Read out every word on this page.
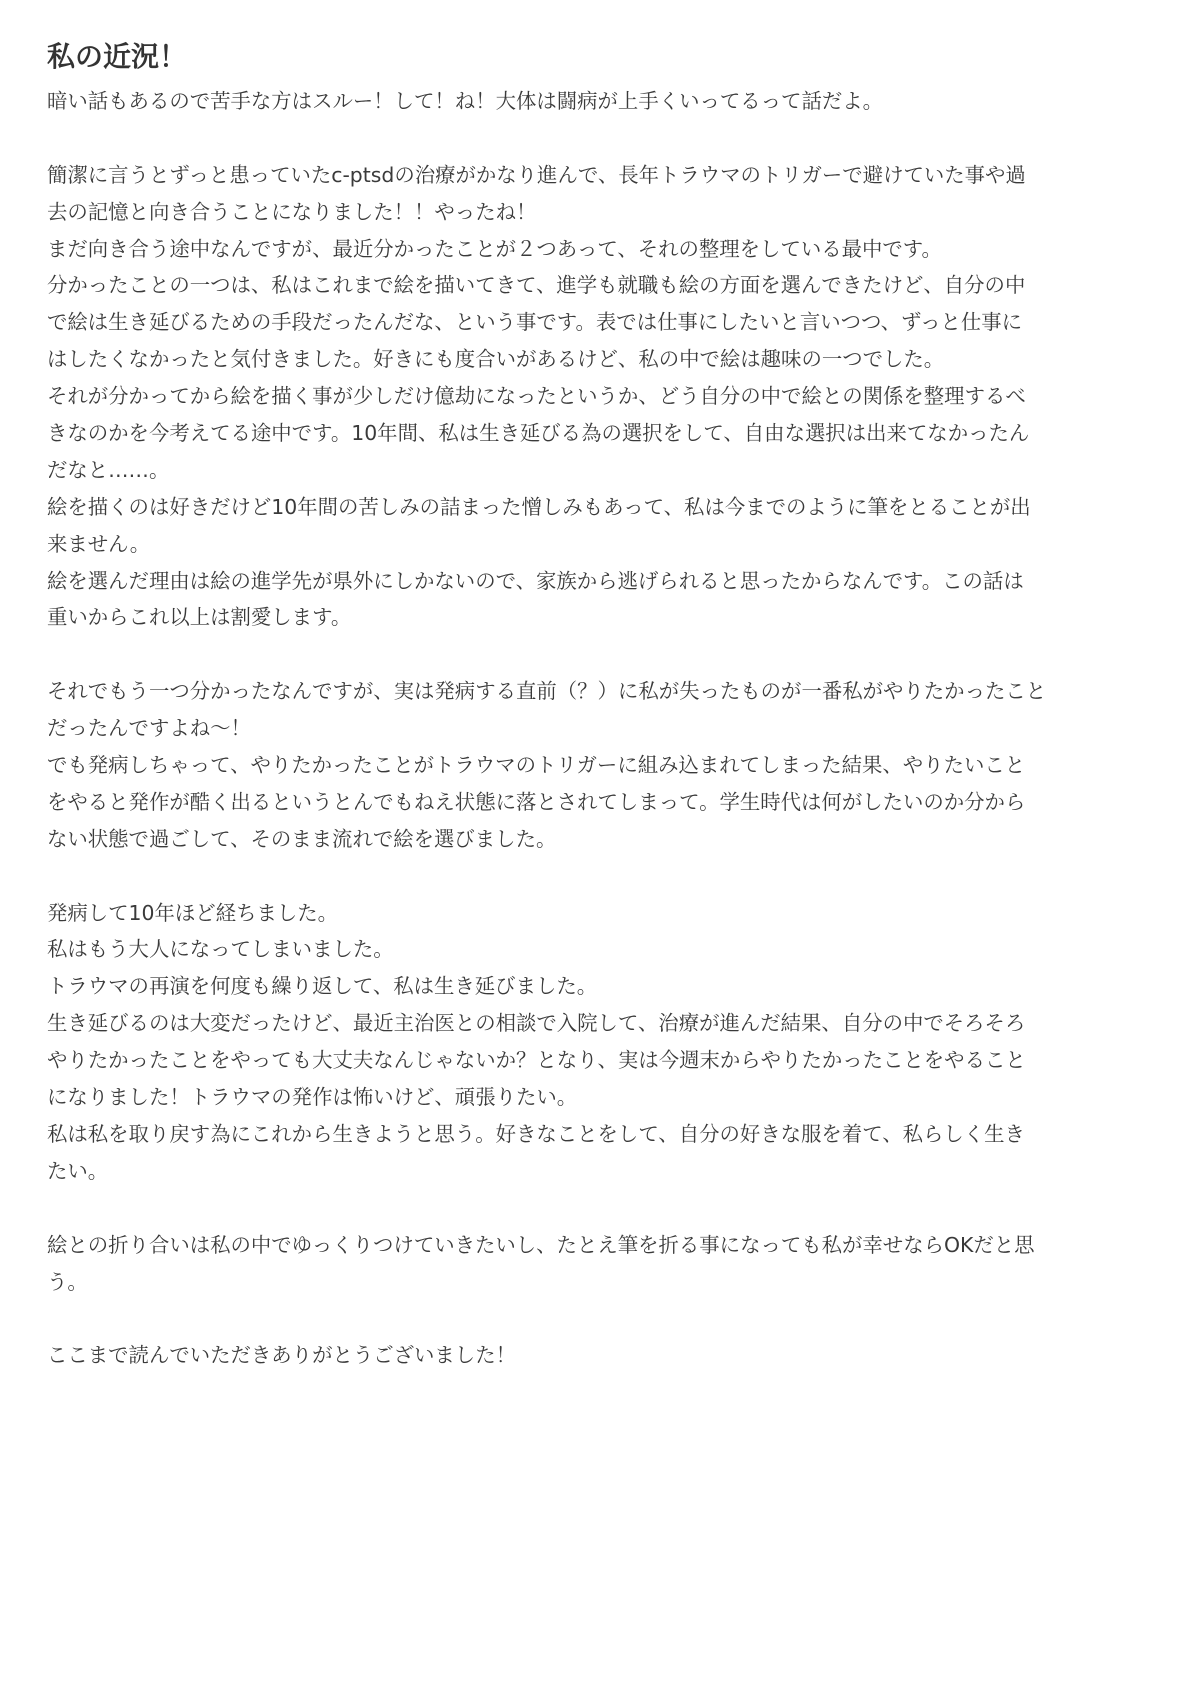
私の近況！
暗い話もあるので苦手な方はスルー！して！ね！大体は闘病が上手くいってるって話だよ。
簡潔に言うとずっと患っていたc-ptsdの治療がかなり進んで、長年トラウマのトリガーで避けていた事や過
去の記憶と向き合うことになりました！！やったね！
まだ向き合う途中なんですが、最近分かったことが２つあって、それの整理をしている最中です。
分かったことの一つは、私はこれまで絵を描いてきて、進学も就職も絵の方面を選んできたけど、自分の中
で絵は生き延びるための手段だったんだな、という事です。表では仕事にしたいと言いつつ、ずっと仕事に
はしたくなかったと気付きました。好きにも度合いがあるけど、私の中で絵は趣味の一つでした。
それが分かってから絵を描く事が少しだけ億劫になったというか、どう自分の中で絵との関係を整理するべ
きなのかを今考えてる途中です。10年間、私は生き延びる為の選択をして、自由な選択は出来てなかったん
だなと……。
絵を描くのは好きだけど10年間の苦しみの詰まった憎しみもあって、私は今までのように筆をとることが出
来ません。
絵を選んだ理由は絵の進学先が県外にしかないので、家族から逃げられると思ったからなんです。この話は
重いからこれ以上は割愛します。
それでもう一つ分かったなんですが、実は発病する直前（？）に私が失ったものが一番私がやりたかったこと
だったんですよね〜！
でも発病しちゃって、やりたかったことがトラウマのトリガーに組み込まれてしまった結果、やりたいこと
をやると発作が酷く出るというとんでもねえ状態に落とされてしまって。学生時代は何がしたいのか分から
ない状態で過ごして、そのまま流れで絵を選びました。
発病して10年ほど経ちました。
私はもう大人になってしまいました。
トラウマの再演を何度も繰り返して、私は生き延びました。
生き延びるのは大変だったけど、最近主治医との相談で入院して、治療が進んだ結果、自分の中でそろそろ
やりたかったことをやっても大丈夫なんじゃないか？となり、実は今週末からやりたかったことをやること
になりました！トラウマの発作は怖いけど、頑張りたい。
私は私を取り戻す為にこれから生きようと思う。好きなことをして、自分の好きな服を着て、私らしく生き
たい。
絵との折り合いは私の中でゆっくりつけていきたいし、たとえ筆を折る事になっても私が幸せならOKだと思
う。
ここまで読んでいただきありがとうございました！
